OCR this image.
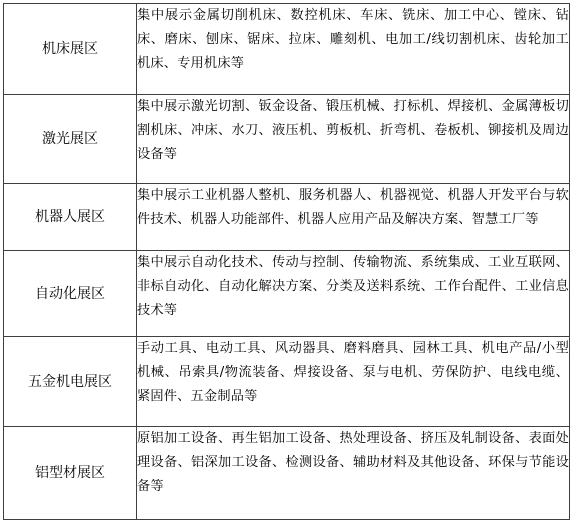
机床展区	集中展示金属切削机床、数控机床、车床、铣床、加工中心、镗床、钻床、磨床、刨床、锯床、拉床、雕刻机、电加工/线切割机床、齿轮加工机床、专用机床等
激光展区	集中展示激光切割、钣金设备、锻压机械、打标机、焊接机、金属薄板切割机床、冲床、水刀、液压机、剪板机、折弯机、卷板机、铆接机及周边设备等
机器人展区	集中展示工业机器人整机、服务机器人、机器视觉、机器人开发平台与软件技术、机器人功能部件、机器人应用产品及解决方案、智慧工厂等
自动化展区	集中展示自动化技术、传动与控制、传输物流、系统集成、工业互联网、非标自动化、自动化解决方案、分类及送料系统、工作台配件、工业信息技术等
五金机电展区	手动工具、电动工具、风动器具、磨料磨具、园林工具、机电产品/小型机械、吊索具/物流装备、焊接设备、泵与电机、劳保防护、电线电缆、紧固件、五金制品等
铝型材展区	原铝加工设备、再生铝加工设备、热处理设备、挤压及轧制设备、表面处理设备、铝深加工设备、检测设备、辅助材料及其他设备、环保与节能设备等
